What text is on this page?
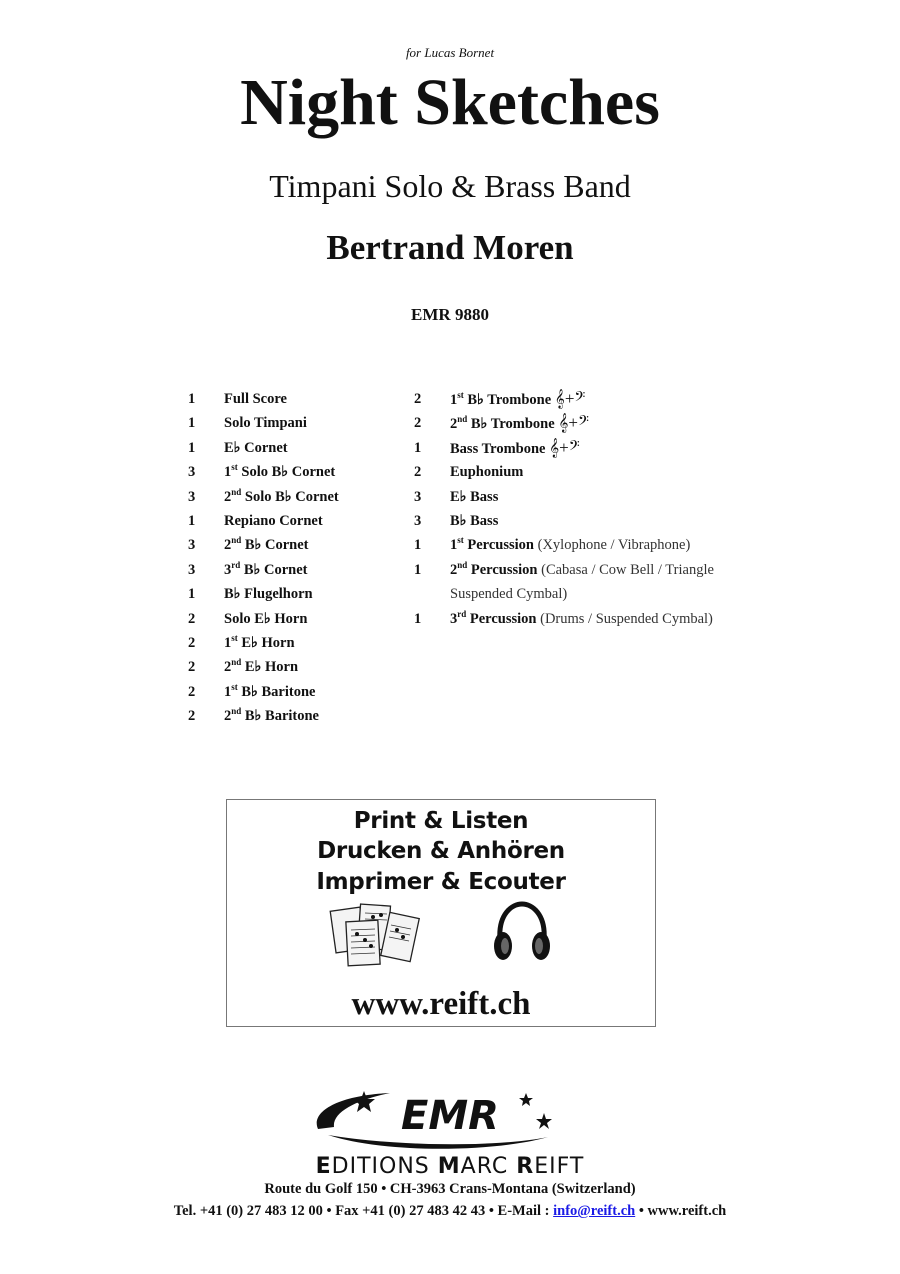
for Lucas Bornet
Night Sketches
Timpani Solo & Brass Band
Bertrand Moren
EMR 9880
1	Full Score
1	Solo Timpani
1	E♭ Cornet
3	1st Solo B♭ Cornet
3	2nd Solo B♭ Cornet
1	Repiano Cornet
3	2nd B♭ Cornet
3	3rd B♭ Cornet
1	B♭ Flugelhorn
2	Solo E♭ Horn
2	1st E♭ Horn
2	2nd E♭ Horn
2	1st B♭ Baritone
2	2nd B♭ Baritone
2	1st B♭ Trombone 𝄞+𝄢
2	2nd B♭ Trombone 𝄞+𝄢
1	Bass Trombone 𝄞+𝄢
2	Euphonium
3	E♭ Bass
3	B♭ Bass
1	1st Percussion (Xylophone / Vibraphone)
1	2nd Percussion (Cabasa / Cow Bell / Triangle
Suspended Cymbal)
1	3rd Percussion (Drums / Suspended Cymbal)
Print & Listen
Drucken & Anhören
Imprimer & Ecouter
www.reift.ch
EMR
EDITIONS MARC REIFT
Route du Golf 150 • CH-3963 Crans-Montana (Switzerland)
Tel. +41 (0) 27 483 12 00 • Fax +41 (0) 27 483 42 43 • E-Mail : info@reift.ch • www.reift.ch
